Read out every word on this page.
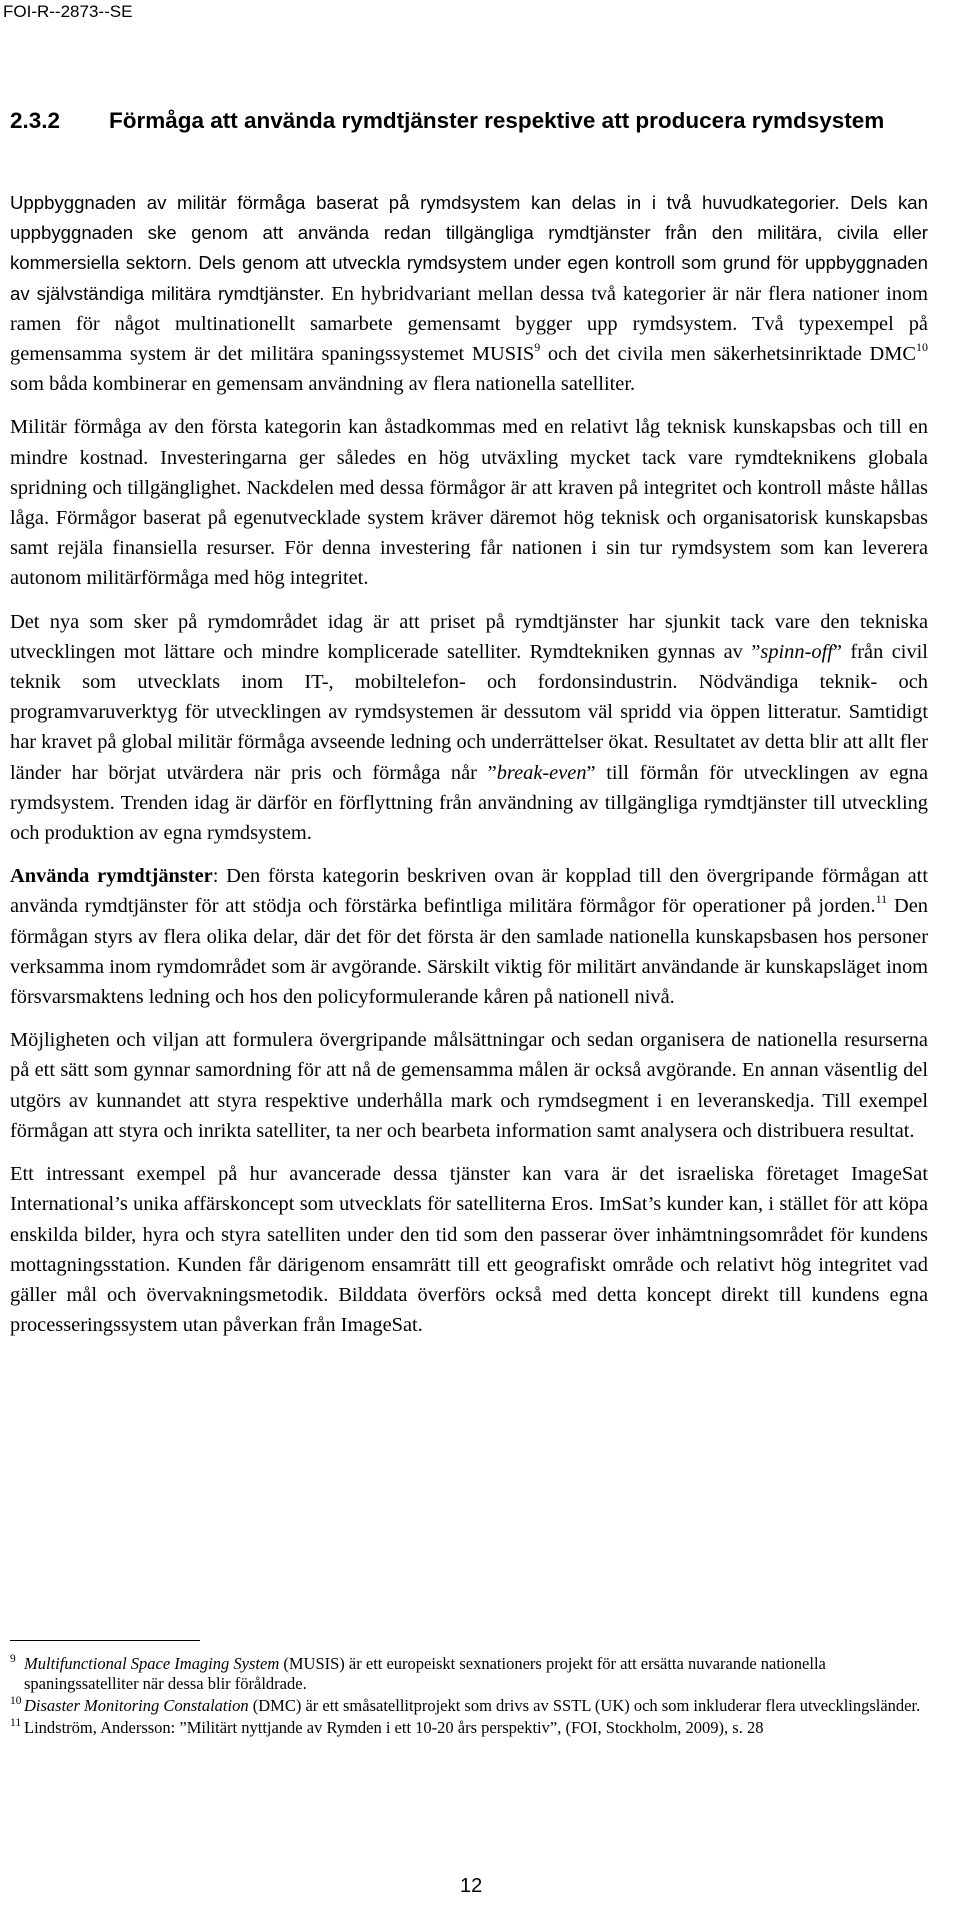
FOI-R--2873--SE
2.3.2 Förmåga att använda rymdtjänster respektive att producera rymdsystem

Uppbyggnaden av militär förmåga baserat på rymdsystem kan delas in i två huvudkategorier. Dels kan uppbyggnaden ske genom att använda redan tillgängliga rymdtjänster från den militära, civila eller kommersiella sektorn. Dels genom att utveckla rymdsystem under egen kontroll som grund för uppbyggnaden av självständiga militära rymdtjänster. En hybridvariant mellan dessa två kategorier är när flera nationer inom ramen för något multinationellt samarbete gemensamt bygger upp rymdsystem. Två typexempel på gemensamma system är det militära spaningssystemet MUSIS$^9$ och det civila men säkerhetsinriktade DMC$^{10}$ som båda kombinerar en gemensam användning av flera nationella satelliter.

Militär förmåga av den första kategorin kan åstadkommas med en relativt låg teknisk kunskapsbas och till en mindre kostnad. Investeringarna ger således en hög utväxling mycket tack vare rymdteknikens globala spridning och tillgänglighet. Nackdelen med dessa förmågor är att kraven på integritet och kontroll måste hållas låga. Förmågor baserat på egenutvecklade system kräver däremot hög teknisk och organisatorisk kunskapsbas samt rejäla finansiella resurser. För denna investering får nationen i sin tur rymdsystem som kan leverera autonom militärförmåga med hög integritet.

Det nya som sker på rymdområdet idag är att priset på rymdtjänster har sjunkit tack vare den tekniska utvecklingen mot lättare och mindre komplicerade satelliter. Rymdtekniken gynnas av ”spinn-off” från civil teknik som utvecklats inom IT-, mobiltelefon- och fordonsindustrin. Nödvändiga teknik- och programvaruverktyg för utvecklingen av rymdsystemen är dessutom väl spridd via öppen litteratur. Samtidigt har kravet på global militär förmåga avseende ledning och underrättelser ökat. Resultatet av detta blir att allt fler länder har börjat utvärdera när pris och förmåga når ”break-even” till förmån för utvecklingen av egna rymdsystem. Trenden idag är därför en förflyttning från användning av tillgängliga rymdtjänster till utveckling och produktion av egna rymdsystem.

Använda rymdtjänster: Den första kategorin beskriven ovan är kopplad till den övergripande förmågan att använda rymdtjänster för att stödja och förstärka befintliga militära förmågor för operationer på jorden.$^{11}$ Den förmågan styrs av flera olika delar, där det för det första är den samlade nationella kunskapsbasen hos personer verksamma inom rymdområdet som är avgörande. Särskilt viktig för militärt användande är kunskapsläget inom försvarsmaktens ledning och hos den policyformulerande kåren på nationell nivå.

Möjligheten och viljan att formulera övergripande målsättningar och sedan organisera de nationella resurserna på ett sätt som gynnar samordning för att nå de gemensamma målen är också avgörande. En annan väsentlig del utgörs av kunnandet att styra respektive underhålla mark och rymdsegment i en leveranskedja. Till exempel förmågan att styra och inrikta satelliter, ta ner och bearbeta information samt analysera och distribuera resultat.

Ett intressant exempel på hur avancerade dessa tjänster kan vara är det israeliska företaget ImageSat International’s unika affärskoncept som utvecklats för satelliterna Eros. ImSat’s kunder kan, i stället för att köpa enskilda bilder, hyra och styra satelliten under den tid som den passerar över inhämtningsområdet för kundens mottagningsstation. Kunden får därigenom ensamrätt till ett geografiskt område och relativt hög integritet vad gäller mål och övervakningsmetodik. Bilddata överförs också med detta koncept direkt till kundens egna processeringssystem utan påverkan från ImageSat.

9 Multifunctional Space Imaging System (MUSIS) är ett europeiskt sexnationers projekt för att ersätta nuvarande nationella spaningssatelliter när dessa blir föråldrade.
10 Disaster Monitoring Constalation (DMC) är ett småsatellitprojekt som drivs av SSTL (UK) och som inkluderar flera utvecklingsländer.
11 Lindström, Andersson: ”Militärt nyttjande av Rymden i ett 10-20 års perspektiv”, (FOI, Stockholm, 2009), s. 28
12
